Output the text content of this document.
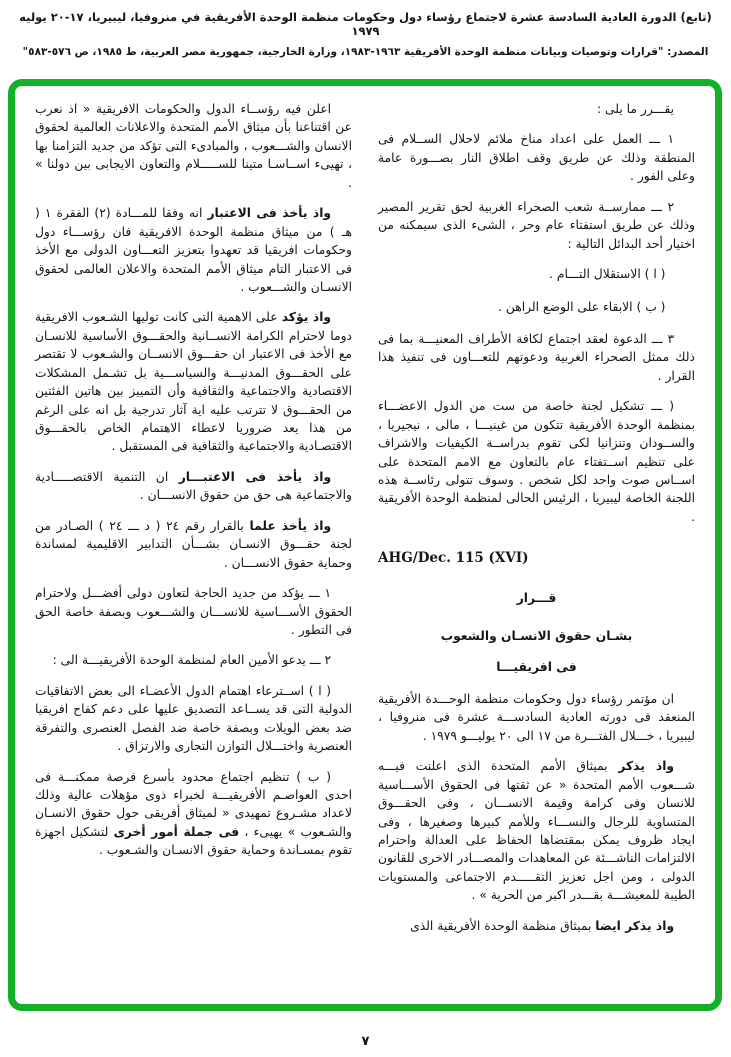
(تابع) الدورة العادية السادسة عشرة لاجتماع رؤساء دول وحكومات منظمة الوحدة الأفريقية في منروفيا، ليبيريا، ١٧-٢٠ يوليه ١٩٧٩
المصدر: "قرارات وتوصيات وبيانات منظمة الوحدة الأفريقية ١٩٦٣-١٩٨٣، وزارة الخارجية، جمهورية مصر العربية، ط ١٩٨٥، ص ٥٧٦-٥٨٣"

يقـــرر ما يلى :

١ ـــ العمل على اعداد مناخ ملائم لاحلال الســلام فى المنطقة وذلك عن طريق وقف اطلاق النار بصـــورة عامة وعلى الفور .

٢ ـــ ممارســة شعب الصحراء الغربية لحق تقرير المصير وذلك عن طريق استفتاء عام وحر ، الشىء الذى سيمكنه من اختيار أحد البدائل التالية :

( ا ) الاستقلال التـــام .

( ب ) الابقاء على الوضع الراهن .

٣ ـــ الدعوة لعقد اجتماع لكافة الأطراف المعنيـــة بما فى ذلك ممثل الصحراء الغربية ودعوتهم للتعـــاون فى تنفيذ هذا القرار .

( ـــ تشكيل لجنة خاصة من ست من الدول الاعضـــاء بمنظمة الوحدة الأفريقية تتكون من غينيـــا ، مالى ، نيجيريا ، والســودان وتنزانيا لكى تقوم بدراســة الكيفيات والاشراف على تنظيم اســتفتاء عام بالتعاون مع الامم المتحدة على اســاس صوت واحد لكل شخص . وسوف تتولى رئاســة هذه اللجنة الخاصة ليبيريا ، الرئيس الحالى لمنظمة الوحدة الأفريقية .

AHG/Dec. 115 (XVI)

قـــرار

بشـان حقوق الانسـان والشعوب

فى افريقيـــا

ان مؤتمر رؤساء دول وحكومات منظمة الوحـــدة الأفريقية المنعقد فى دورته العادية السادســـة عشرة فى منروفيا ، ليبيريا ، خـــلال الفتـــرة من ١٧ الى ٢٠ يوليـــو ١٩٧٩ .

واذ يذكر بميثاق الأمم المتحدة الذى اعلنت فيـــه شـــعوب الأمم المتحدة « عن ثقتها فى الحقوق الأســـاسية للانسان وفى كرامة وقيمة الانســـان ، وفى الحقـــوق المتساوية للرجال والنســـاء وللأمم كبيرها وصغيرها ، وفى ايجاد ظروف يمكن بمقتضاها الحفاظ على العدالة واحترام الالتزامات الناشـــئة عن المعاهدات والمصـــادر الاخرى للقانون الدولى ، ومن اجل تعزيز التقـــــدم الاجتماعى والمستويات الطيبة للمعيشـــة بقـــدر اكبر من الحرية » .

واذ يذكر ايضا بميثاق منظمة الوحدة الأفريقية الذى

اعلن فيه رؤســاء الدول والحكومات الافريقية « اذ نعرب عن اقتناعنا بأن ميثاق الأمم المتحدة والاعلانات العالمية لحقوق الانسان والشـــعوب ، والمبادىء التى تؤكد من جديد التزامنا بها ، تهيىء اســاسـا متينا للســـــلام والتعاون الايجابى بين دولنا » .

واذ يأخذ فى الاعتبار انه وفقا للمـــادة (٢) الفقرة ١ ( هـ ) من ميثاق منظمة الوحدة الافريقية فان رؤســـاء دول وحكومات افريقيا قد تعهدوا بتعزيز التعـــاون الدولى مع الأخذ فى الاعتبار التام ميثاق الأمم المتحدة والاعلان العالمى لحقوق الانسـان والشـــعوب .

واذ يؤكد على الاهمية التى كانت توليها الشـعوب الافريقية دوما لاحترام الكرامة الانســانية والحقـــوق الأساسية للانسـان مع الأخذ فى الاعتبار ان حقـــوق الانســان والشـعوب لا تقتصر على الحقـــوق المدنيـــة والسياســـية بل تشـمل المشكلات الاقتصادية والاجتماعية والثقافية وأن التمييز بين هاتين الفئتين من الحقـــوق لا تترتب عليه اية آثار تدرجية بل انه على الرغم من هذا يعد ضروريا لاعطاء الاهتمام الخاص بالحقـــوق الاقتصـادية والاجتماعية والثقافية فى المستقبل .

واذ يأخذ فى الاعتبـــار ان التنمية الاقتصـــــادية والاجتماعية هى حق من حقوق الانســـان .

واذ يأخذ علما بالقرار رقم ٢٤ ( د ـــ ٢٤ ) الصـادر من لجنة حقـــوق الانسـان بشـــأن التدابير الاقليمية لمساندة وحماية حقوق الانســـان .

١ ـــ يؤكد من جديد الحاجة لتعاون دولى أفضـــل ولاحترام الحقوق الأســـاسية للانســـان والشـــعوب وبصفة خاصة الحق فى التطور .

٢ ـــ يدعو الأمين العام لمنظمة الوحدة الأفريقيـــة الى :

( ا ) اســترعاء اهتمام الدول الأعضـاء الى بعض الاتفاقيات الدولية التى قد يســاعد التصديق عليها على دعم كفاح افريقيا ضد بعض الويلات وبصفة خاصة ضد الفصل العنصرى والتفرقة العنصرية واختـــلال التوازن التجارى والارتزاق .

( ب ) تنظيم اجتماع محدود بأسرع فرصة ممكنـــة فى احدى العواصـم الأفريقيـــة لخبراء ذوى مؤهلات عالية وذلك لاعداد مشـروع تمهيدى « لميثاق أفريقى حول حقوق الانسـان والشـعوب » يهيىء ، فى جملة أمور أخرى لتشكيل اجهزة تقوم بمسـاندة وحماية حقوق الانسـان والشـعوب .

٧
